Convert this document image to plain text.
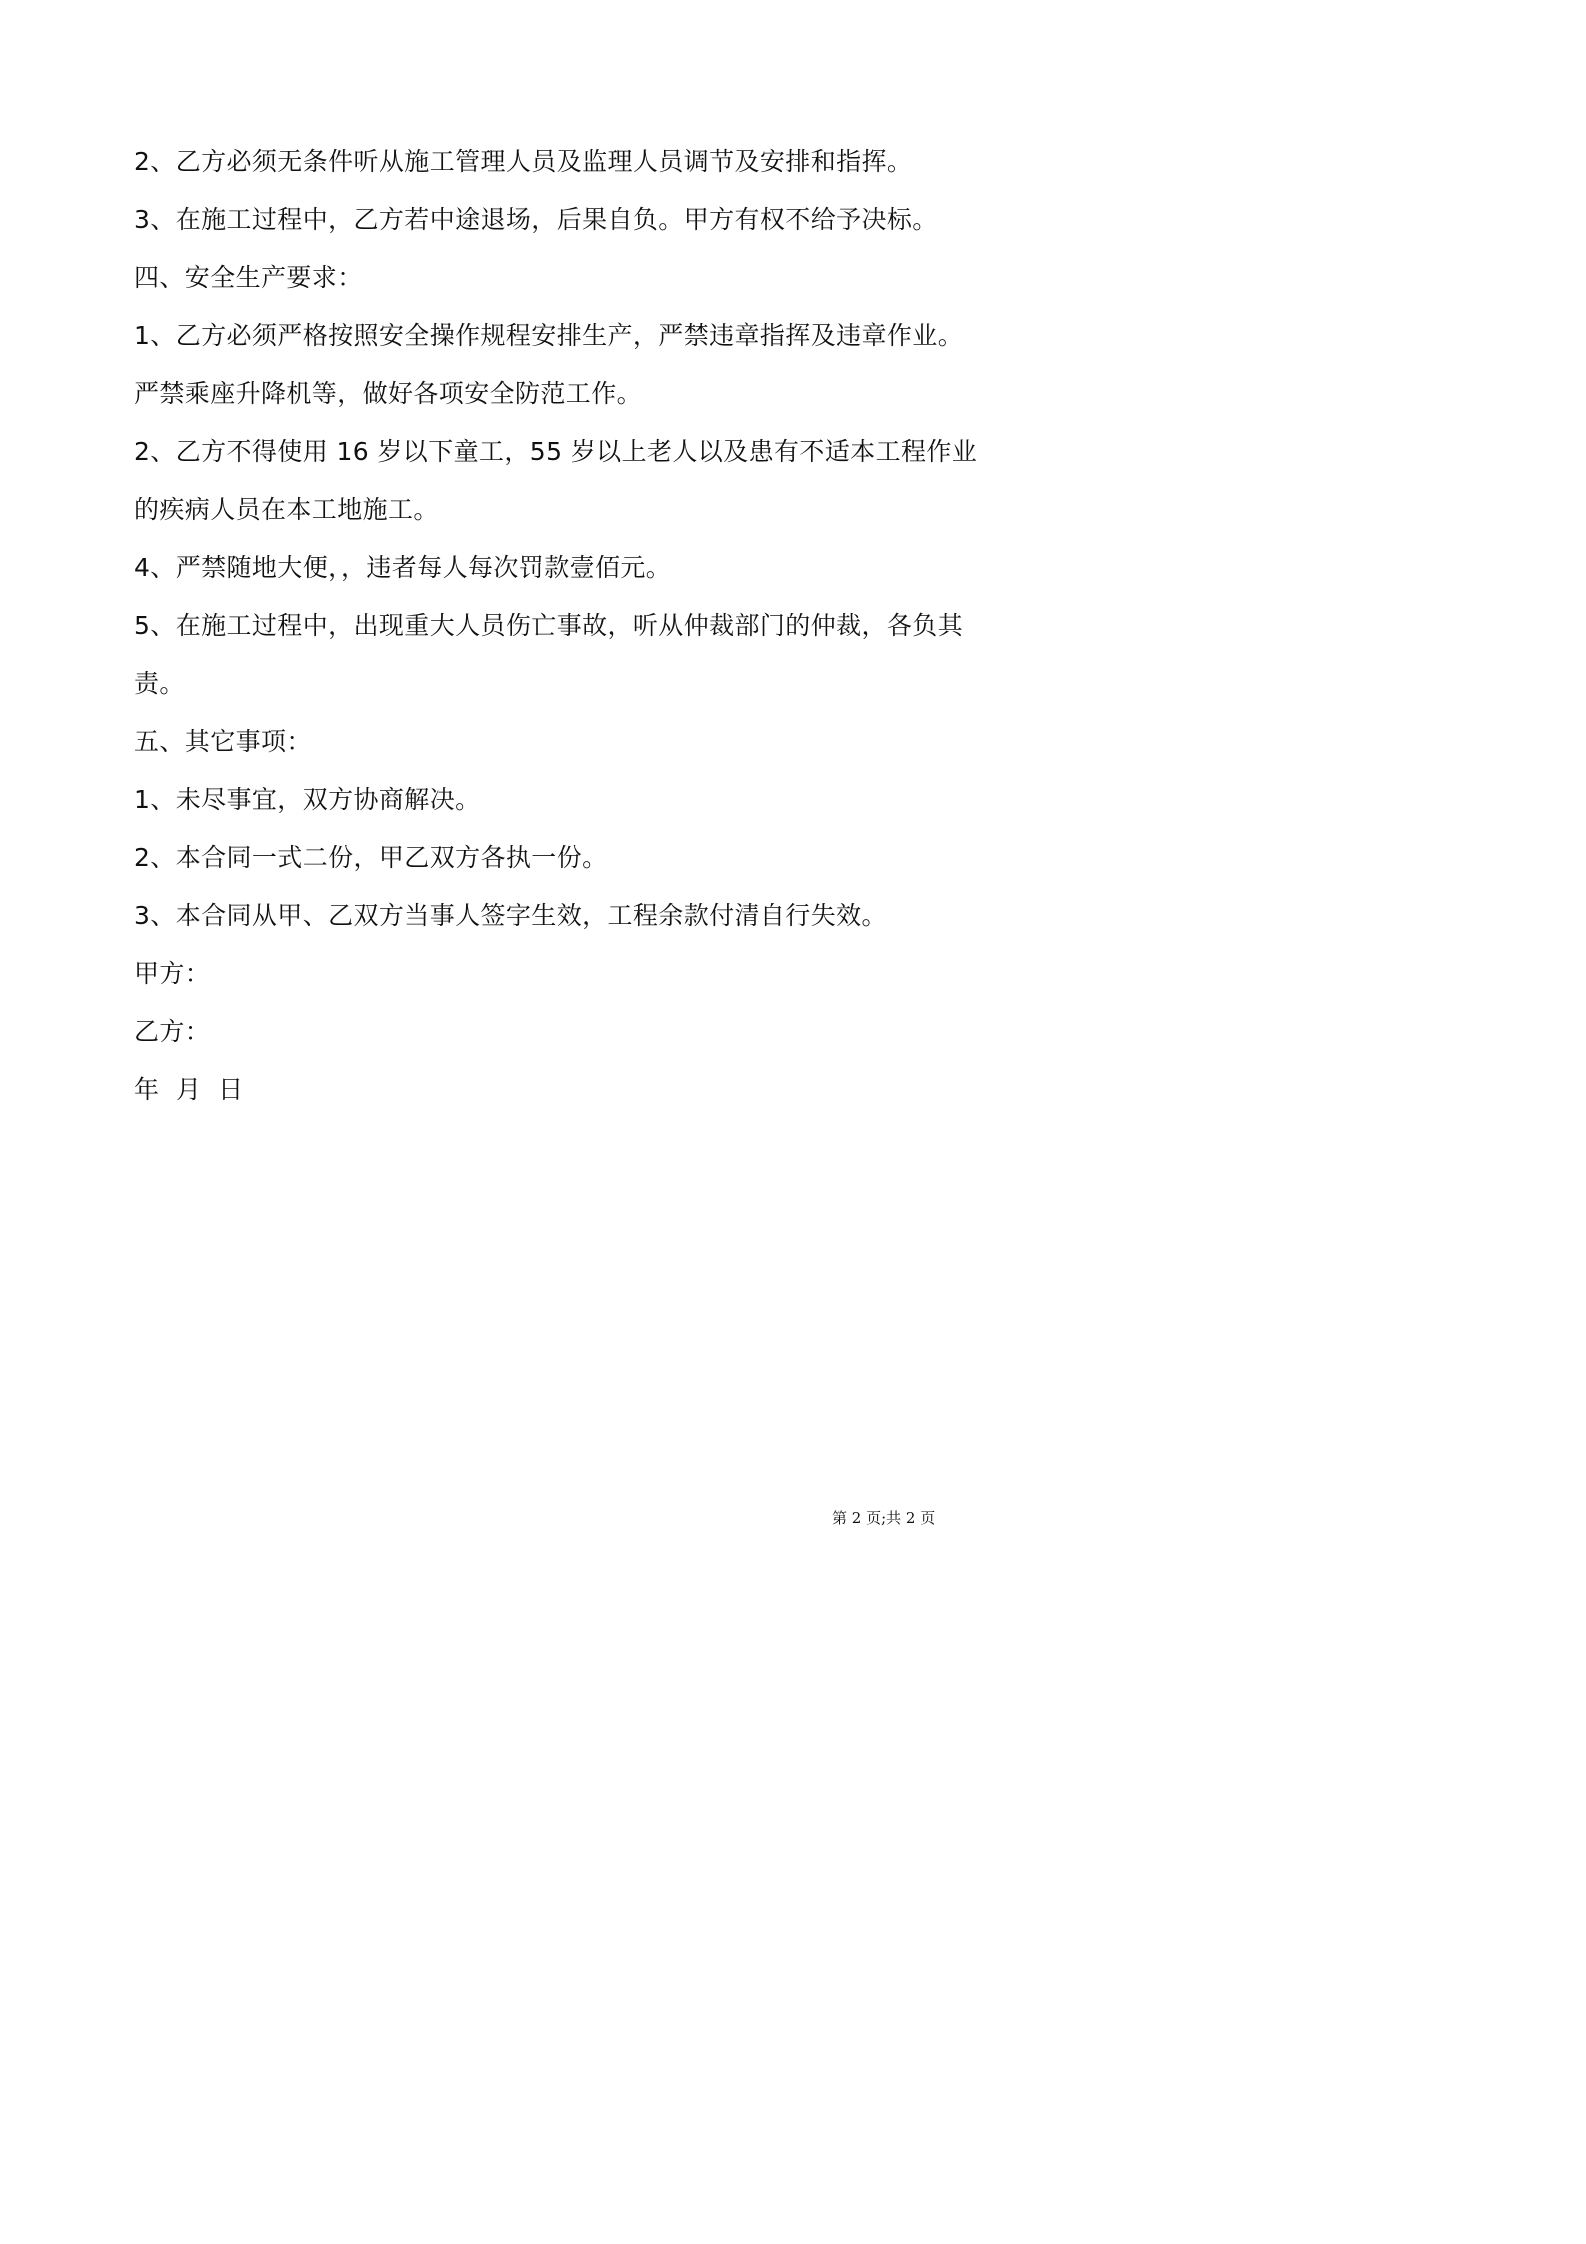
2、乙方必须无条件听从施工管理人员及监理人员调节及安排和指挥。
3、在施工过程中，乙方若中途退场，后果自负。甲方有权不给予决标。
四、安全生产要求：
1、乙方必须严格按照安全操作规程安排生产，严禁违章指挥及违章作业。
严禁乘座升降机等，做好各项安全防范工作。
2、乙方不得使用 16 岁以下童工，55 岁以上老人以及患有不适本工程作业
的疾病人员在本工地施工。
4、严禁随地大便，，违者每人每次罚款壹佰元。
5、在施工过程中，出现重大人员伤亡事故，听从仲裁部门的仲裁，各负其
责。
五、其它事项：
1、未尽事宜，双方协商解决。
2、本合同一式二份，甲乙双方各执一份。
3、本合同从甲、乙双方当事人签字生效，工程余款付清自行失效。
甲方：
乙方：
年  月  日
第 2 页;共 2 页
